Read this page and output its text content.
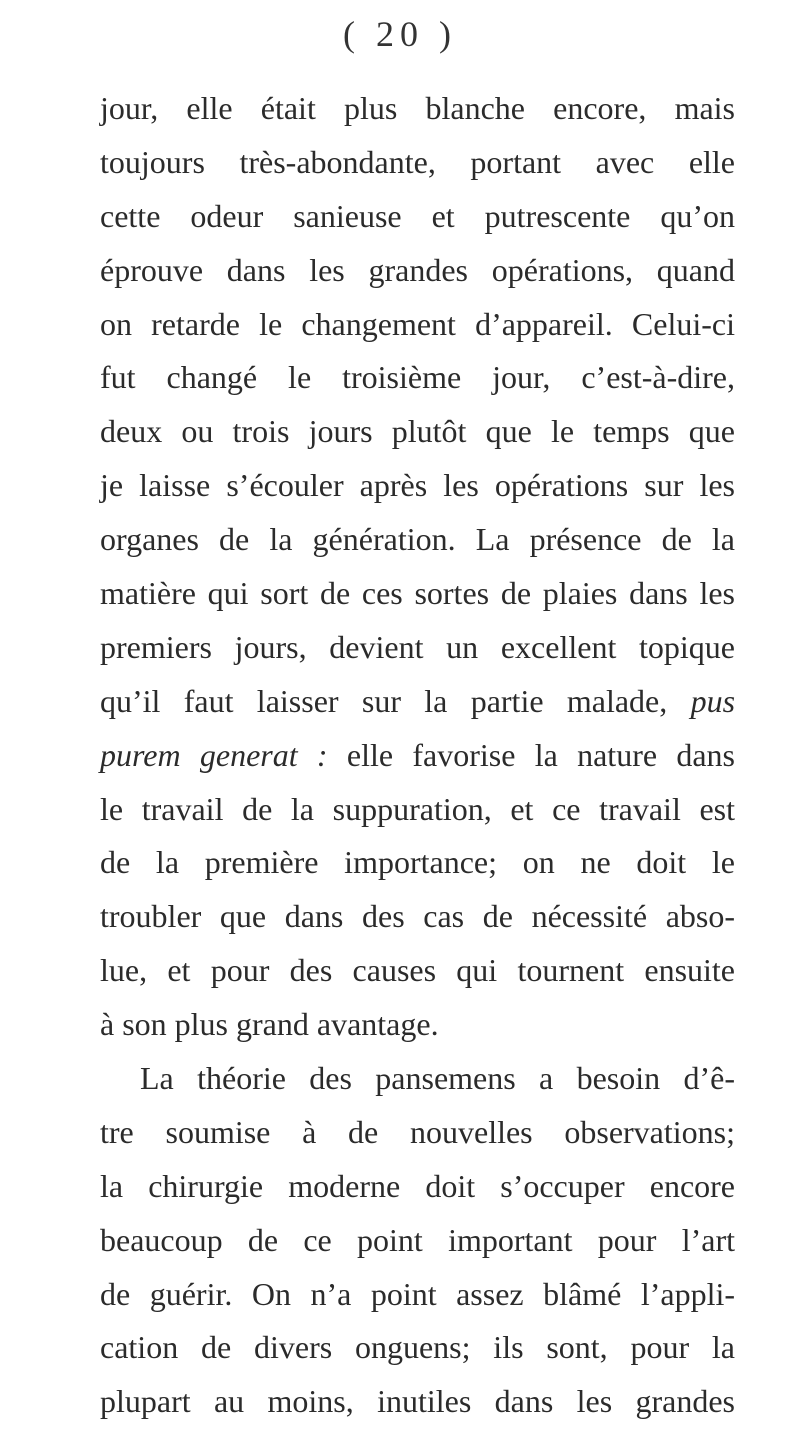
( 20 )
jour, elle était plus blanche encore, mais
toujours très-abondante, portant avec elle
cette odeur sanieuse et putrescente qu’on
éprouve dans les grandes opérations, quand
on retarde le changement d’appareil. Celui-ci
fut changé le troisième jour, c’est-à-dire,
deux ou trois jours plutôt que le temps que
je laisse s’écouler après les opérations sur les
organes de la génération. La présence de la
matière qui sort de ces sortes de plaies dans les
premiers jours, devient un excellent topique
qu’il faut laisser sur la partie malade, pus
purem generat : elle favorise la nature dans
le travail de la suppuration, et ce travail est
de la première importance; on ne doit le
troubler que dans des cas de nécessité abso-
lue, et pour des causes qui tournent ensuite
à son plus grand avantage.
La théorie des pansemens a besoin d’ê-
tre soumise à de nouvelles observations;
la chirurgie moderne doit s’occuper encore
beaucoup de ce point important pour l’art
de guérir. On n’a point assez blâmé l’appli-
cation de divers onguens; ils sont, pour la
plupart au moins, inutiles dans les grandes
